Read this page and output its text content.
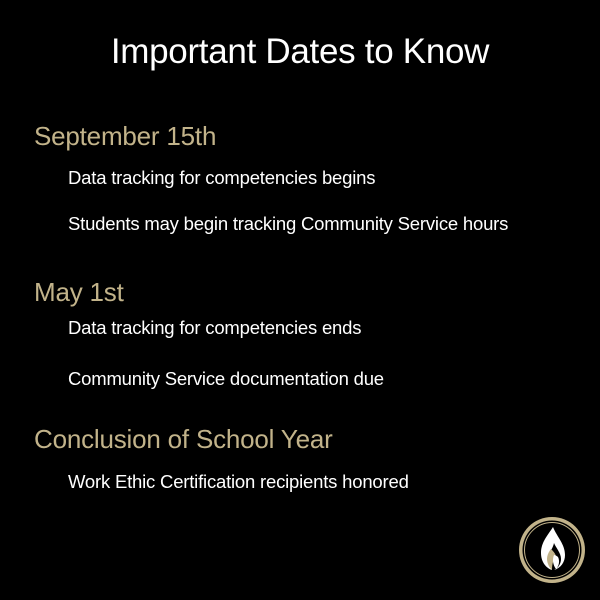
Important Dates to Know
September 15th
Data tracking for competencies begins
Students may begin tracking Community Service hours
May 1st
Data tracking for competencies ends
Community Service documentation due
Conclusion of School Year
Work Ethic Certification recipients honored
